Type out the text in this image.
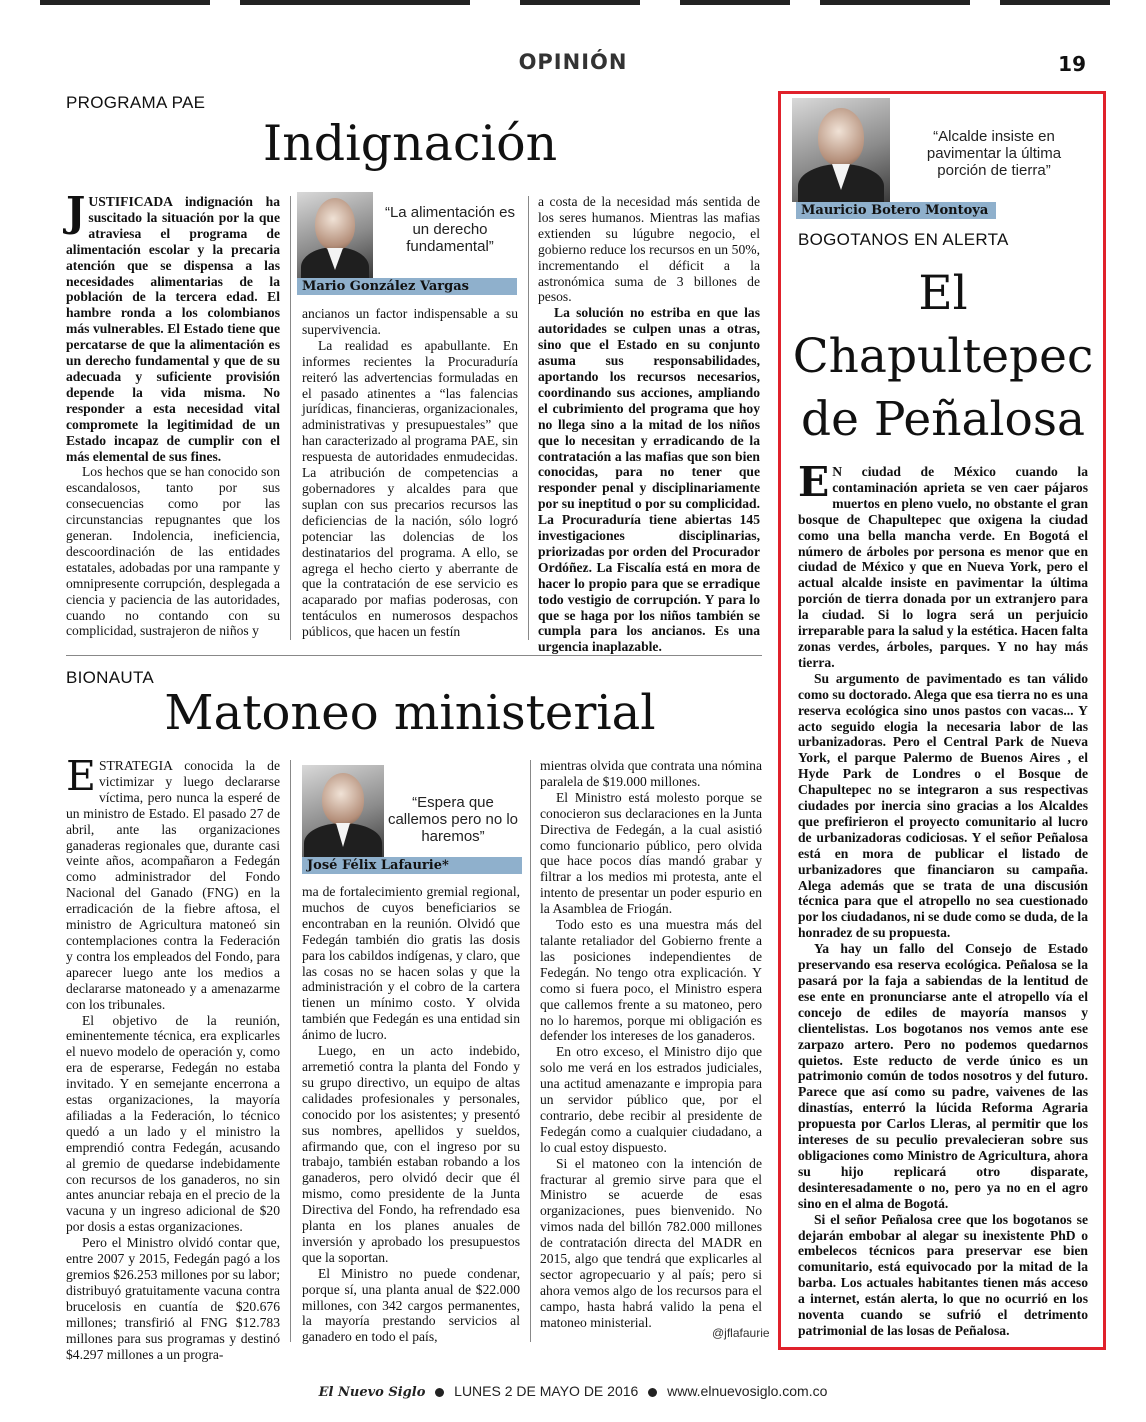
OPINIÓN	19
PROGRAMA PAE
Indignación

JUSTIFICADA indignación ha suscitado la situación por la que atraviesa el programa de alimentación escolar y la precaria atención que se dispensa a las necesidades alimentarias de la población de la tercera edad. El hambre ronda a los colombianos más vulnerables. El Estado tiene que percatarse de que la alimentación es un derecho fundamental y que de su adecuada y suficiente provisión depende la vida misma. No responder a esta necesidad vital compromete la legitimidad de un Estado incapaz de cumplir con el más elemental de sus fines.

Los hechos que se han conocido son escandalosos, tanto por sus consecuencias como por las circunstancias repugnantes que los generan. Indolencia, ineficiencia, descoordinación de las entidades estatales, adobadas por una rampante y omnipresente corrupción, desplegada a ciencia y paciencia de las autoridades, cuando no contando con su complicidad, sustrajeron de niños y

Mario González Vargas
“La alimentación es un derecho fundamental”

ancianos un factor indispensable a su supervivencia.

La realidad es apabullante. En informes recientes la Procuraduría reiteró las advertencias formuladas en el pasado atinentes a “las falencias jurídicas, financieras, organizacionales, administrativas y presupuestales” que han caracterizado al programa PAE, sin respuesta de autoridades enmudecidas. La atribución de competencias a gobernadores y alcaldes para que suplan con sus precarios recursos las deficiencias de la nación, sólo logró potenciar las dolencias de los destinatarios del programa. A ello, se agrega el hecho cierto y aberrante de que la contratación de ese servicio es acaparado por mafias poderosas, con tentáculos en numerosos despachos públicos, que hacen un festín

a costa de la necesidad más sentida de los seres humanos. Mientras las mafias extienden su lúgubre negocio, el gobierno reduce los recursos en un 50%, incrementando el déficit a la astronómica suma de 3 billones de pesos.

La solución no estriba en que las autoridades se culpen unas a otras, sino que el Estado en su conjunto asuma sus responsabilidades, aportando los recursos necesarios, coordinando sus acciones, ampliando el cubrimiento del programa que hoy no llega sino a la mitad de los niños que lo necesitan y erradicando de la contratación a las mafias que son bien conocidas, para no tener que responder penal y disciplinariamente por su ineptitud o por su complicidad. La Procuraduría tiene abiertas 145 investigaciones disciplinarias, priorizadas por orden del Procurador Ordóñez. La Fiscalía está en mora de hacer lo propio para que se erradique todo vestigio de corrupción. Y para lo que se haga por los niños también se cumpla para los ancianos. Es una urgencia inaplazable.

BIONAUTA
Matoneo ministerial

ESTRATEGIA conocida la de victimizar y luego declararse víctima, pero nunca la esperé de un ministro de Estado. El pasado 27 de abril, ante las organizaciones ganaderas regionales que, durante casi veinte años, acompañaron a Fedegán como administrador del Fondo Nacional del Ganado (FNG) en la erradicación de la fiebre aftosa, el ministro de Agricultura matoneó sin contemplaciones contra la Federación y contra los empleados del Fondo, para aparecer luego ante los medios a declararse matoneado y a amenazarme con los tribunales.

El objetivo de la reunión, eminentemente técnica, era explicarles el nuevo modelo de operación y, como era de esperarse, Fedegán no estaba invitado. Y en semejante encerrona a estas organizaciones, la mayoría afiliadas a la Federación, lo técnico quedó a un lado y el ministro la emprendió contra Fedegán, acusando al gremio de quedarse indebidamente con recursos de los ganaderos, no sin antes anunciar rebaja en el precio de la vacuna y un ingreso adicional de $20 por dosis a estas organizaciones.

Pero el Ministro olvidó contar que, entre 2007 y 2015, Fedegán pagó a los gremios $26.253 millones por su labor; distribuyó gratuitamente vacuna contra brucelosis en cuantía de $20.676 millones; transfirió al FNG $12.783 millones para sus programas y destinó $4.297 millones a un progra-

José Félix Lafaurie*
“Espera que callemos pero no lo haremos”

ma de fortalecimiento gremial regional, muchos de cuyos beneficiarios se encontraban en la reunión. Olvidó que Fedegán también dio gratis las dosis para los cabildos indígenas, y claro, que las cosas no se hacen solas y que la administración y el cobro de la cartera tienen un mínimo costo. Y olvida también que Fedegán es una entidad sin ánimo de lucro.

Luego, en un acto indebido, arremetió contra la planta del Fondo y su grupo directivo, un equipo de altas calidades profesionales y personales, conocido por los asistentes; y presentó sus nombres, apellidos y sueldos, afirmando que, con el ingreso por su trabajo, también estaban robando a los ganaderos, pero olvidó decir que él mismo, como presidente de la Junta Directiva del Fondo, ha refrendado esa planta en los planes anuales de inversión y aprobado los presupuestos que la soportan.

El Ministro no puede condenar, porque sí, una planta anual de $22.000 millones, con 342 cargos permanentes, la mayoría prestando servicios al ganadero en todo el país,

mientras olvida que contrata una nómina paralela de $19.000 millones.

El Ministro está molesto porque se conocieron sus declaraciones en la Junta Directiva de Fedegán, a la cual asistió como funcionario público, pero olvida que hace pocos días mandó grabar y filtrar a los medios mi protesta, ante el intento de presentar un poder espurio en la Asamblea de Friogán.

Todo esto es una muestra más del talante retaliador del Gobierno frente a las posiciones independientes de Fedegán. No tengo otra explicación. Y como si fuera poco, el Ministro espera que callemos frente a su matoneo, pero no lo haremos, porque mi obligación es defender los intereses de los ganaderos.

En otro exceso, el Ministro dijo que solo me verá en los estrados judiciales, una actitud amenazante e impropia para un servidor público que, por el contrario, debe recibir al presidente de Fedegán como a cualquier ciudadano, a lo cual estoy dispuesto.

Si el matoneo con la intención de fracturar al gremio sirve para que el Ministro se acuerde de esas organizaciones, pues bienvenido. No vimos nada del billón 782.000 millones de contratación directa del MADR en 2015, algo que tendrá que explicarles al sector agropecuario y al país; pero si ahora vemos algo de los recursos para el campo, hasta habrá valido la pena el matoneo ministerial.

@jflafaurie
Mauricio Botero Montoya
“Alcalde insiste en pavimentar la última porción de tierra”
BOGOTANOS EN ALERTA
El
Chapultepec
de Peñalosa

E N ciudad de México cuando la contaminación aprieta se ven caer pájaros muertos en pleno vuelo, no obstante el gran bosque de Chapultepec que oxigena la ciudad como una bella mancha verde. En Bogotá el número de árboles por persona es menor que en ciudad de México y que en Nueva York, pero el actual alcalde insiste en pavimentar la última porción de tierra donada por un extranjero para la ciudad. Si lo logra será un perjuicio irreparable para la salud y la estética. Hacen falta zonas verdes, árboles, parques. Y no hay más tierra.

Su argumento de pavimentado es tan válido como su doctorado. Alega que esa tierra no es una reserva ecológica sino unos pastos con vacas... Y acto seguido elogia la necesaria labor de las urbanizadoras. Pero el Central Park de Nueva York, el parque Palermo de Buenos Aires , el Hyde Park de Londres o el Bosque de Chapultepec no se integraron a sus respectivas ciudades por inercia sino gracias a los Alcaldes que prefirieron el proyecto comunitario al lucro de urbanizadoras codiciosas. Y el señor Peñalosa está en mora de publicar el listado de urbanizadores que financiaron su campaña. Alega además que se trata de una discusión técnica para que el atropello no sea cuestionado por los ciudadanos, ni se dude como se duda, de la honradez de su propuesta.

Ya hay un fallo del Consejo de Estado preservando esa reserva ecológica. Peñalosa se la pasará por la faja a sabiendas de la lentitud de ese ente en pronunciarse ante el atropello vía el concejo de ediles de mayoría mansos y clientelistas. Los bogotanos nos vemos ante ese zarpazo artero. Pero no podemos quedarnos quietos. Este reducto de verde único es un patrimonio común de todos nosotros y del futuro. Parece que así como su padre, vaivenes de las dinastías, enterró la lúcida Reforma Agraria propuesta por Carlos Lleras, al permitir que los intereses de su peculio prevalecieran sobre sus obligaciones como Ministro de Agricultura, ahora su hijo replicará otro disparate, desinteresadamente o no, pero ya no en el agro sino en el alma de Bogotá.

Si el señor Peñalosa cree que los bogotanos se dejarán embobar al alegar su inexistente PhD o embelecos técnicos para preservar ese bien comunitario, está equivocado por la mitad de la barba. Los actuales habitantes tienen más acceso a internet, están alerta, lo que no ocurrió en los noventa cuando se sufrió el detrimento patrimonial de las losas de Peñalosa.

El Nuevo Siglo LUNES 2 DE MAYO DE 2016 www.elnuevosiglo.com.co
